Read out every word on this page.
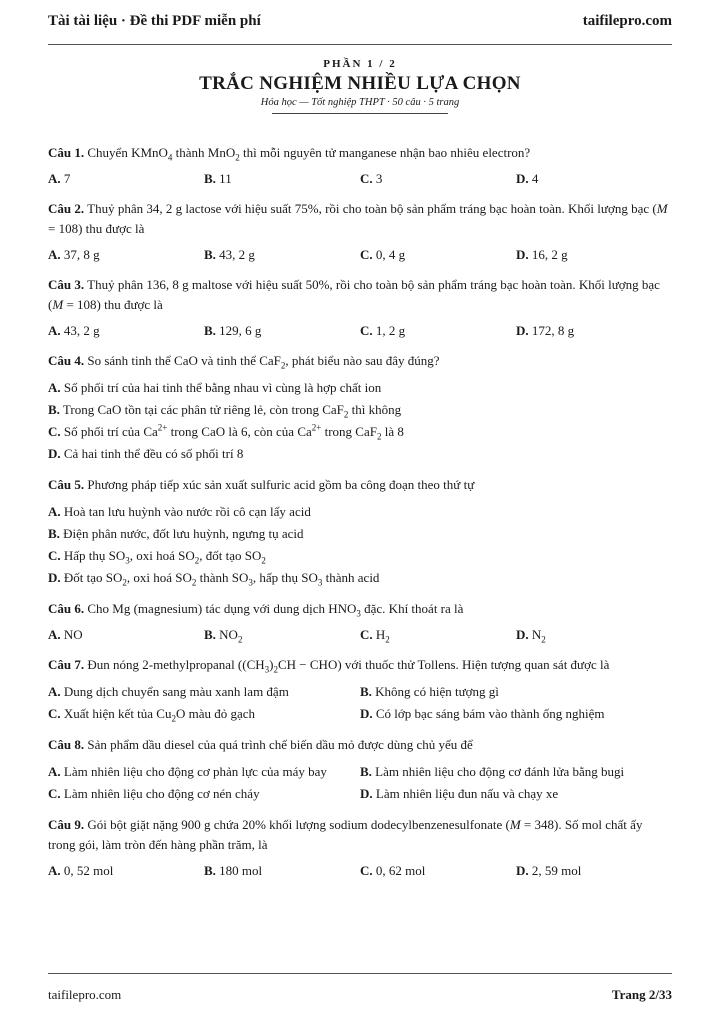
Tài tài liệu · Đề thi PDF miễn phí	taifilepro.com
PHẦN 1 / 2
TRẮC NGHIỆM NHIỀU LỰA CHỌN
Hóa học — Tốt nghiệp THPT · 50 câu · 5 trang
Câu 1. Chuyển KMnO$_4$ thành MnO$_2$ thì mỗi nguyên tử manganese nhận bao nhiêu electron?
A. 7	B. 11	C. 3	D. 4
Câu 2. Thuỷ phân 34, 2 g lactose với hiệu suất 75%, rồi cho toàn bộ sản phẩm tráng bạc hoàn toàn. Khối lượng bạc (M = 108) thu được là
A. 37, 8 g	B. 43, 2 g	C. 0, 4 g	D. 16, 2 g
Câu 3. Thuỷ phân 136, 8 g maltose với hiệu suất 50%, rồi cho toàn bộ sản phẩm tráng bạc hoàn toàn. Khối lượng bạc (M = 108) thu được là
A. 43, 2 g	B. 129, 6 g	C. 1, 2 g	D. 172, 8 g
Câu 4. So sánh tinh thể CaO và tinh thể CaF$_2$, phát biểu nào sau đây đúng?
A. Số phối trí của hai tinh thể bằng nhau vì cùng là hợp chất ion
B. Trong CaO tồn tại các phân tử riêng lẻ, còn trong CaF$_2$ thì không
C. Số phối trí của $Ca^{2+}$ trong CaO là 6, còn của $Ca^{2+}$ trong CaF$_2$ là 8
D. Cả hai tinh thể đều có số phối trí 8
Câu 5. Phương pháp tiếp xúc sản xuất sulfuric acid gồm ba công đoạn theo thứ tự
A. Hoà tan lưu huỳnh vào nước rồi cô cạn lấy acid
B. Điện phân nước, đốt lưu huỳnh, ngưng tụ acid
C. Hấp thụ $SO_3$, oxi hoá $SO_2$, đốt tạo $SO_2$
D. Đốt tạo $SO_2$, oxi hoá $SO_2$ thành $SO_3$, hấp thụ $SO_3$ thành acid
Câu 6. Cho Mg (magnesium) tác dụng với dung dịch $HNO_3$ đặc. Khí thoát ra là
A. NO	B. $NO_2$	C. $H_2$	D. $N_2$
Câu 7. Đun nóng 2-methylpropanal $((CH_3)_2CH - CHO)$ với thuốc thử Tollens. Hiện tượng quan sát được là
A. Dung dịch chuyển sang màu xanh lam đậm	B. Không có hiện tượng gì
C. Xuất hiện kết tủa $Cu_2O$ màu đỏ gạch	D. Có lớp bạc sáng bám vào thành ống nghiệm
Câu 8. Sản phẩm dầu diesel của quá trình chế biến dầu mỏ được dùng chủ yếu để
A. Làm nhiên liệu cho động cơ phản lực của máy bay	B. Làm nhiên liệu cho động cơ đánh lửa bằng bugi
C. Làm nhiên liệu cho động cơ nén cháy	D. Làm nhiên liệu đun nấu và chạy xe
Câu 9. Gói bột giặt nặng 900 g chứa 20% khối lượng sodium dodecylbenzenesulfonate (M = 348). Số mol chất ấy trong gói, làm tròn đến hàng phần trăm, là
A. 0, 52 mol	B. 180 mol	C. 0, 62 mol	D. 2, 59 mol
taifilepro.com	Trang 2/33
